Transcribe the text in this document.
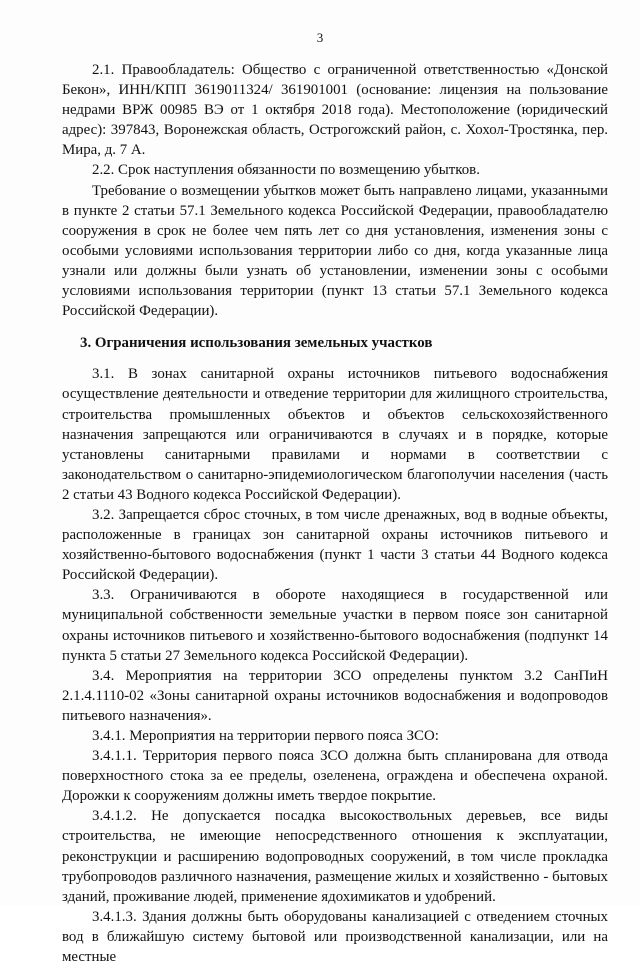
3

2.1. Правообладатель: Общество с ограниченной ответственностью «Донской Бекон», ИНН/КПП 3619011324/ 361901001 (основание: лицензия на пользование недрами ВРЖ 00985 ВЭ от 1 октября 2018 года). Местоположение (юридический адрес): 397843, Воронежская область, Острогожский район, с. Хохол-Тростянка, пер. Мира, д. 7 А.

2.2. Срок наступления обязанности по возмещению убытков.

Требование о возмещении убытков может быть направлено лицами, указанными в пункте 2 статьи 57.1 Земельного кодекса Российской Федерации, правообладателю сооружения в срок не более чем пять лет со дня установления, изменения зоны с особыми условиями использования территории либо со дня, когда указанные лица узнали или должны были узнать об установлении, изменении зоны с особыми условиями использования территории (пункт 13 статьи 57.1 Земельного кодекса Российской Федерации).

3. Ограничения использования земельных участков

3.1. В зонах санитарной охраны источников питьевого водоснабжения осуществление деятельности и отведение территории для жилищного строительства, строительства промышленных объектов и объектов сельскохозяйственного назначения запрещаются или ограничиваются в случаях и в порядке, которые установлены санитарными правилами и нормами в соответствии с законодательством о санитарно-эпидемиологическом благополучии населения (часть 2 статьи 43 Водного кодекса Российской Федерации).

3.2. Запрещается сброс сточных, в том числе дренажных, вод в водные объекты, расположенные в границах зон санитарной охраны источников питьевого и хозяйственно-бытового водоснабжения (пункт 1 части 3 статьи 44 Водного кодекса Российской Федерации).

3.3. Ограничиваются в обороте находящиеся в государственной или муниципальной собственности земельные участки в первом поясе зон санитарной охраны источников питьевого и хозяйственно-бытового водоснабжения (подпункт 14 пункта 5 статьи 27 Земельного кодекса Российской Федерации).

3.4. Мероприятия на территории ЗСО определены пунктом 3.2 СанПиН 2.1.4.1110-02 «Зоны санитарной охраны источников водоснабжения и водопроводов питьевого назначения».

3.4.1. Мероприятия на территории первого пояса ЗСО:

3.4.1.1. Территория первого пояса ЗСО должна быть спланирована для отвода поверхностного стока за ее пределы, озеленена, ограждена и обеспечена охраной. Дорожки к сооружениям должны иметь твердое покрытие.

3.4.1.2. Не допускается посадка высокоствольных деревьев, все виды строительства, не имеющие непосредственного отношения к эксплуатации, реконструкции и расширению водопроводных сооружений, в том числе прокладка трубопроводов различного назначения, размещение жилых и хозяйственно - бытовых зданий, проживание людей, применение ядохимикатов и удобрений.

3.4.1.3. Здания должны быть оборудованы канализацией с отведением сточных вод в ближайшую систему бытовой или производственной канализации, или на местные
